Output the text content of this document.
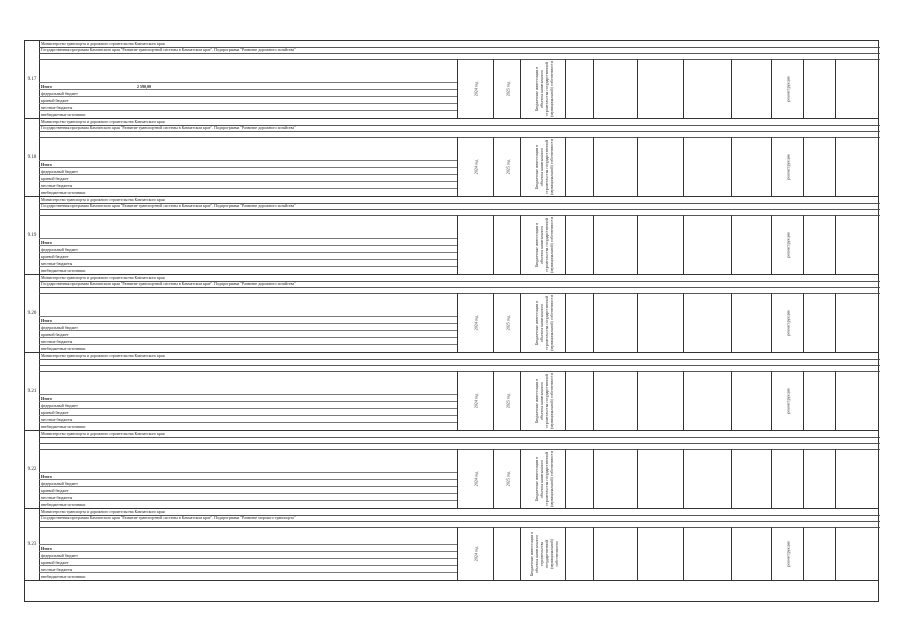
9.17
Министерство транспорта и дорожного строительства Камчатского края
Государственная программа Камчатского края "Развитие транспортной системы в Камчатском крае". Подпрограмма "Развитие дорожного хозяйства"
Итого	2 590,00
федеральный бюджет
краевой бюджет
местные бюджеты
внебюджетные источники
2024 год	2025 год	Бюджетные инвестиции в объекты капитального строительства государственной (муниципальной) собственности	реконструкция
9.18
Министерство транспорта и дорожного строительства Камчатского края
Государственная программа Камчатского края "Развитие транспортной системы в Камчатском крае". Подпрограмма "Развитие дорожного хозяйства"
Итого
федеральный бюджет
краевой бюджет
местные бюджеты
внебюджетные источники
2024 год	2025 год	Бюджетные инвестиции в объекты капитального строительства государственной (муниципальной) собственности	реконструкция
9.19
Министерство транспорта и дорожного строительства Камчатского края
Государственная программа Камчатского края "Развитие транспортной системы в Камчатском крае". Подпрограмма "Развитие дорожного хозяйства"
Итого
федеральный бюджет
краевой бюджет
местные бюджеты
внебюджетные источники
Бюджетные инвестиции в объекты капитального строительства государственной (муниципальной) собственности	реконструкция
9.20
Министерство транспорта и дорожного строительства Камчатского края
Государственная программа Камчатского края "Развитие транспортной системы в Камчатском крае". Подпрограмма "Развитие дорожного хозяйства"
Итого
федеральный бюджет
краевой бюджет
местные бюджеты
внебюджетные источники
2024 год	2025 год	Бюджетные инвестиции в объекты капитального строительства государственной (муниципальной) собственности	реконструкция
9.21
Министерство транспорта и дорожного строительства Камчатского края
Итого
федеральный бюджет
краевой бюджет
местные бюджеты
внебюджетные источники
2024 год	2025 год	Бюджетные инвестиции в объекты капитального строительства государственной (муниципальной) собственности	реконструкция
9.22
Министерство транспорта и дорожного строительства Камчатского края
Итого
федеральный бюджет
краевой бюджет
местные бюджеты
внебюджетные источники
2024 год	2025 год	Бюджетные инвестиции в объекты капитального строительства государственной (муниципальной) собственности
9.23
Министерство транспорта и дорожного строительства Камчатского края
Государственная программа Камчатского края "Развитие транспортной системы в Камчатском крае". Подпрограмма "Развитие морского транспорта"
Итого
федеральный бюджет
краевой бюджет
местные бюджеты
внебюджетные источники
2024 год	Бюджетные инвестиции в объекты капитального строительства государственной (муниципальной) собственности	реконструкция
